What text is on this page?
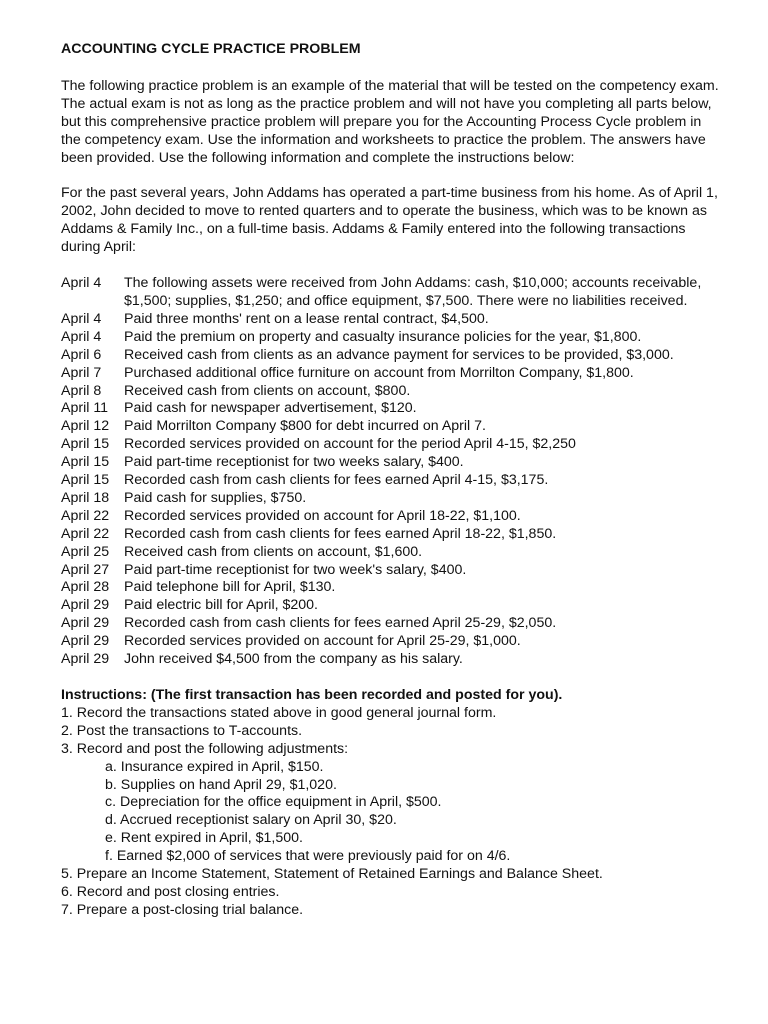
ACCOUNTING CYCLE PRACTICE PROBLEM
The following practice problem is an example of the material that will be tested on the competency exam. The actual exam is not as long as the practice problem and will not have you completing all parts below, but this comprehensive practice problem will prepare you for the Accounting Process Cycle problem in the competency exam. Use the information and worksheets to practice the problem. The answers have been provided. Use the following information and complete the instructions below:
For the past several years, John Addams has operated a part-time business from his home. As of April 1, 2002, John decided to move to rented quarters and to operate the business, which was to be known as Addams & Family Inc., on a full-time basis. Addams & Family entered into the following transactions during April:
April 4	The following assets were received from John Addams: cash, $10,000; accounts receivable, $1,500; supplies, $1,250; and office equipment, $7,500. There were no liabilities received.
April 4	Paid three months' rent on a lease rental contract, $4,500.
April 4	Paid the premium on property and casualty insurance policies for the year, $1,800.
April 6	Received cash from clients as an advance payment for services to be provided, $3,000.
April 7	Purchased additional office furniture on account from Morrilton Company, $1,800.
April 8	Received cash from clients on account, $800.
April 11	Paid cash for newspaper advertisement, $120.
April 12	Paid Morrilton Company $800 for debt incurred on April 7.
April 15	Recorded services provided on account for the period April 4-15, $2,250
April 15	Paid part-time receptionist for two weeks salary, $400.
April 15	Recorded cash from cash clients for fees earned April 4-15, $3,175.
April 18	Paid cash for supplies, $750.
April 22	Recorded services provided on account for April 18-22, $1,100.
April 22	Recorded cash from cash clients for fees earned April 18-22, $1,850.
April 25	Received cash from clients on account, $1,600.
April 27	Paid part-time receptionist for two week's salary, $400.
April 28	Paid telephone bill for April, $130.
April 29	Paid electric bill for April, $200.
April 29	Recorded cash from cash clients for fees earned April 25-29, $2,050.
April 29	Recorded services provided on account for April 25-29, $1,000.
April 29	John received $4,500 from the company as his salary.
Instructions: (The first transaction has been recorded and posted for you).
1. Record the transactions stated above in good general journal form.
2. Post the transactions to T-accounts.
3. Record and post the following adjustments:
a. Insurance expired in April, $150.
b. Supplies on hand April 29, $1,020.
c. Depreciation for the office equipment in April, $500.
d. Accrued receptionist salary on April 30, $20.
e. Rent expired in April, $1,500.
f. Earned $2,000 of services that were previously paid for on 4/6.
5. Prepare an Income Statement, Statement of Retained Earnings and Balance Sheet.
6. Record and post closing entries.
7. Prepare a post-closing trial balance.
